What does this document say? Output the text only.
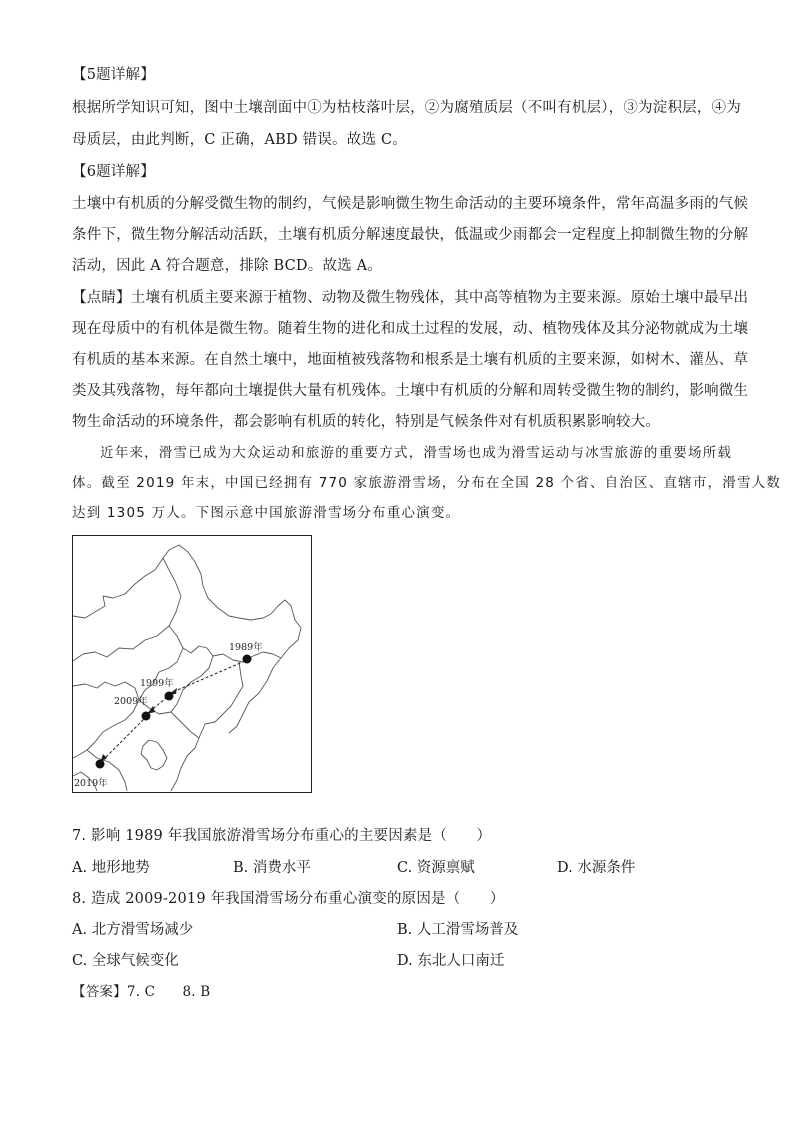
【5题详解】
根据所学知识可知，图中土壤剖面中①为枯枝落叶层，②为腐殖质层（不叫有机层），③为淀积层，④为
母质层，由此判断，C 正确，ABD 错误。故选 C。
【6题详解】
土壤中有机质的分解受微生物的制约，气候是影响微生物生命活动的主要环境条件，常年高温多雨的气候
条件下，微生物分解活动活跃，土壤有机质分解速度最快，低温或少雨都会一定程度上抑制微生物的分解
活动，因此 A 符合题意，排除 BCD。故选 A。
【点睛】土壤有机质主要来源于植物、动物及微生物残体，其中高等植物为主要来源。原始土壤中最早出
现在母质中的有机体是微生物。随着生物的进化和成土过程的发展，动、植物残体及其分泌物就成为土壤
有机质的基本来源。在自然土壤中，地面植被残落物和根系是土壤有机质的主要来源，如树木、灌丛、草
类及其残落物，每年都向土壤提供大量有机残体。土壤中有机质的分解和周转受微生物的制约，影响微生
物生命活动的环境条件，都会影响有机质的转化，特别是气候条件对有机质积累影响较大。
近年来，滑雪已成为大众运动和旅游的重要方式，滑雪场也成为滑雪运动与冰雪旅游的重要场所载
体。截至 2019 年末，中国已经拥有 770 家旅游滑雪场，分布在全国 28 个省、自治区、直辖市，滑雪人数
达到 1305 万人。下图示意中国旅游滑雪场分布重心演变。
1989年
1999年
2009年
2019年
7. 影响 1989 年我国旅游滑雪场分布重心的主要因素是（　　）
A. 地形地势	B. 消费水平	C. 资源禀赋	D. 水源条件
8. 造成 2009-2019 年我国滑雪场分布重心演变的原因是（　　）
A. 北方滑雪场减少	B. 人工滑雪场普及
C. 全球气候变化	D. 东北人口南迁
【答案】7. C　　8. B
